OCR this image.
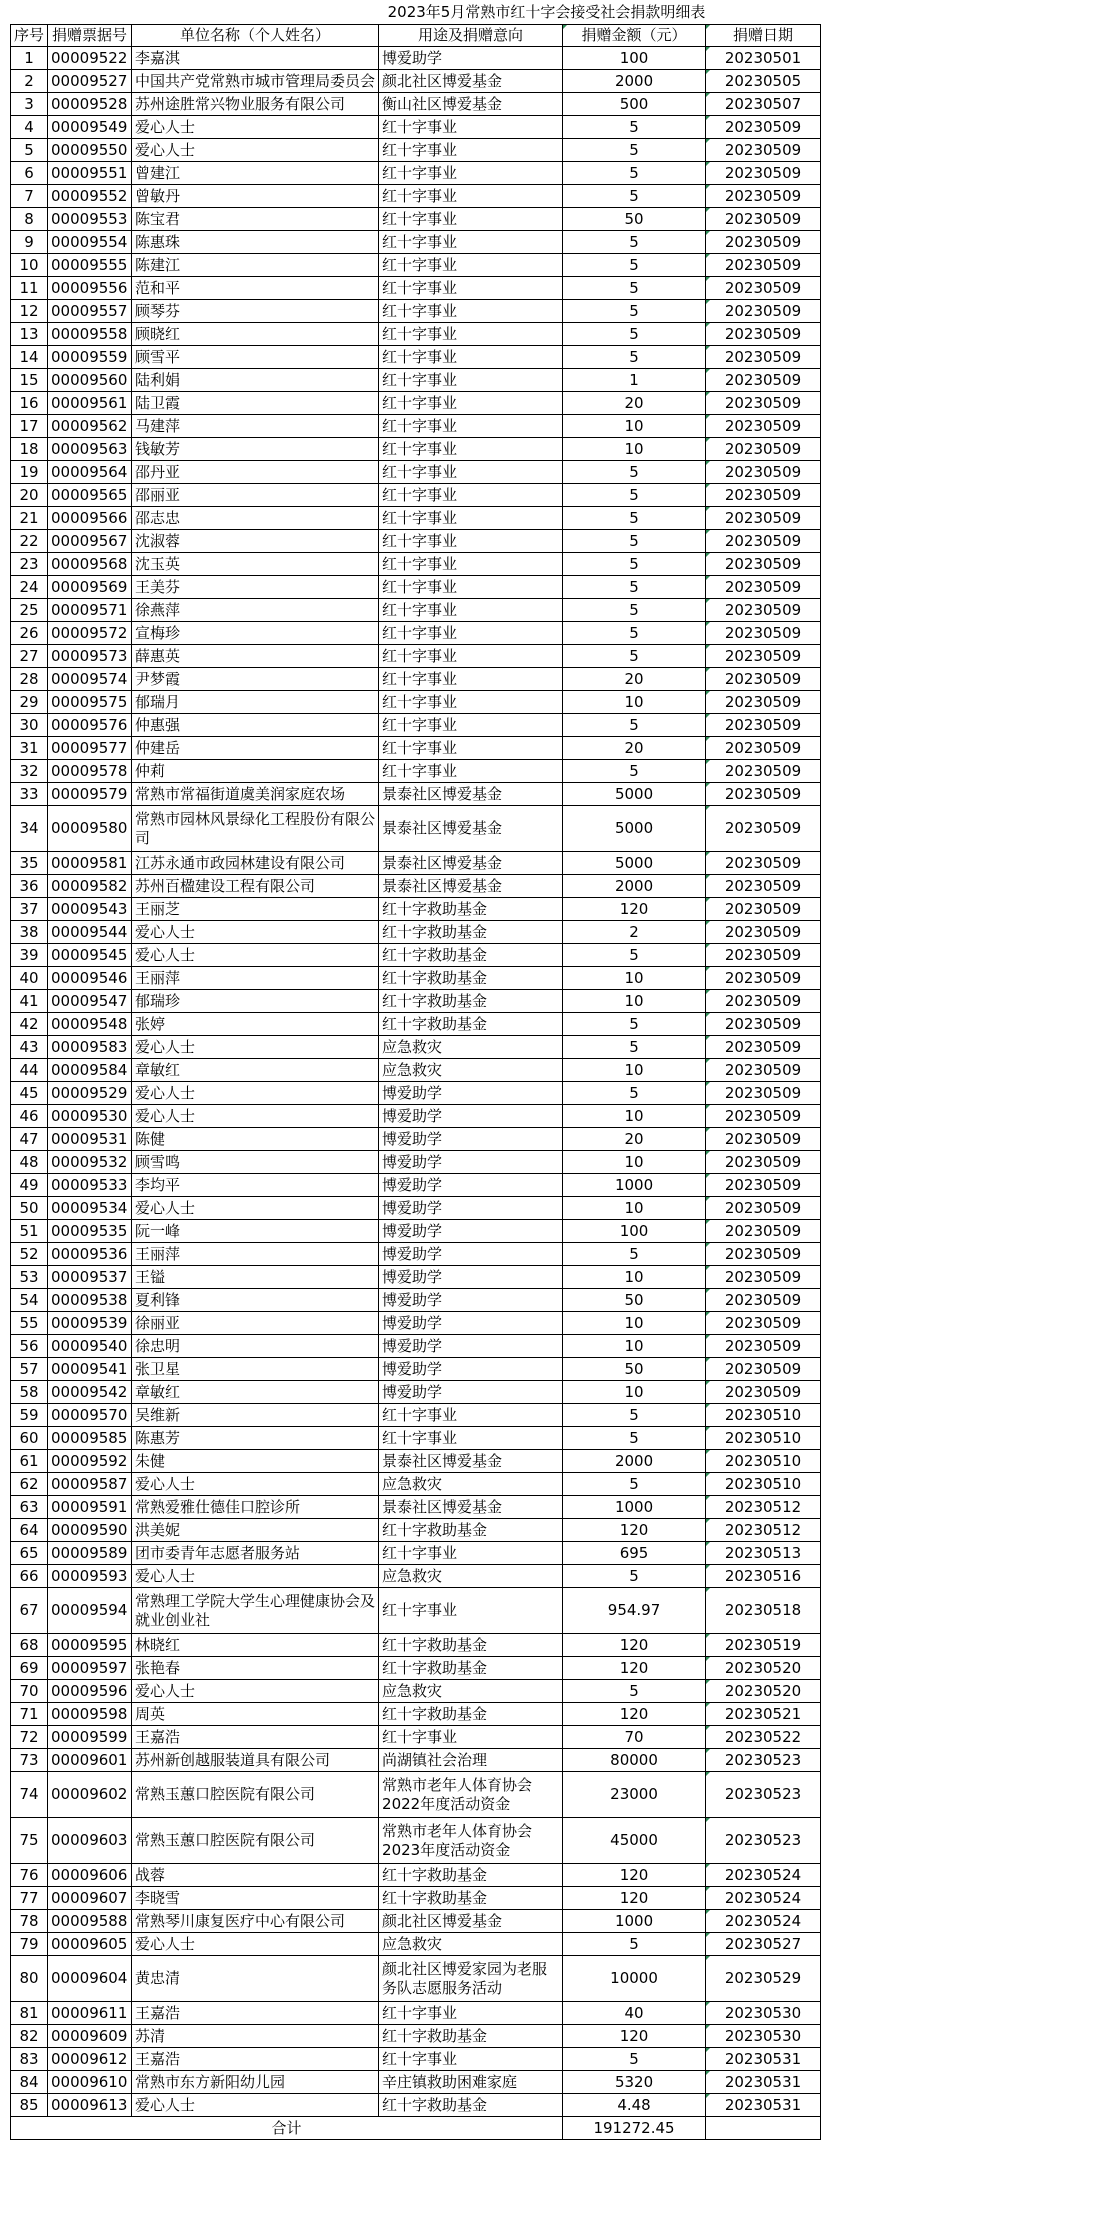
2023年5月常熟市红十字会接受社会捐款明细表
序号	捐赠票据号	单位名称（个人姓名）	用途及捐赠意向	捐赠金额（元）	捐赠日期
1	00009522	李嘉淇	博爱助学	100	20230501
2	00009527	中国共产党常熟市城市管理局委员会	颜北社区博爱基金	2000	20230505
3	00009528	苏州途胜常兴物业服务有限公司	衡山社区博爱基金	500	20230507
4	00009549	爱心人士	红十字事业	5	20230509
5	00009550	爱心人士	红十字事业	5	20230509
6	00009551	曾建江	红十字事业	5	20230509
7	00009552	曾敏丹	红十字事业	5	20230509
8	00009553	陈宝君	红十字事业	50	20230509
9	00009554	陈惠珠	红十字事业	5	20230509
10	00009555	陈建江	红十字事业	5	20230509
11	00009556	范和平	红十字事业	5	20230509
12	00009557	顾琴芬	红十字事业	5	20230509
13	00009558	顾晓红	红十字事业	5	20230509
14	00009559	顾雪平	红十字事业	5	20230509
15	00009560	陆利娟	红十字事业	1	20230509
16	00009561	陆卫霞	红十字事业	20	20230509
17	00009562	马建萍	红十字事业	10	20230509
18	00009563	钱敏芳	红十字事业	10	20230509
19	00009564	邵丹亚	红十字事业	5	20230509
20	00009565	邵丽亚	红十字事业	5	20230509
21	00009566	邵志忠	红十字事业	5	20230509
22	00009567	沈淑蓉	红十字事业	5	20230509
23	00009568	沈玉英	红十字事业	5	20230509
24	00009569	王美芬	红十字事业	5	20230509
25	00009571	徐燕萍	红十字事业	5	20230509
26	00009572	宣梅珍	红十字事业	5	20230509
27	00009573	薛惠英	红十字事业	5	20230509
28	00009574	尹梦霞	红十字事业	20	20230509
29	00009575	郁瑞月	红十字事业	10	20230509
30	00009576	仲惠强	红十字事业	5	20230509
31	00009577	仲建岳	红十字事业	20	20230509
32	00009578	仲莉	红十字事业	5	20230509
33	00009579	常熟市常福街道虞美润家庭农场	景泰社区博爱基金	5000	20230509
34	00009580	常熟市园林风景绿化工程股份有限公司	景泰社区博爱基金	5000	20230509
35	00009581	江苏永通市政园林建设有限公司	景泰社区博爱基金	5000	20230509
36	00009582	苏州百楹建设工程有限公司	景泰社区博爱基金	2000	20230509
37	00009543	王丽芝	红十字救助基金	120	20230509
38	00009544	爱心人士	红十字救助基金	2	20230509
39	00009545	爱心人士	红十字救助基金	5	20230509
40	00009546	王丽萍	红十字救助基金	10	20230509
41	00009547	郁瑞珍	红十字救助基金	10	20230509
42	00009548	张婷	红十字救助基金	5	20230509
43	00009583	爱心人士	应急救灾	5	20230509
44	00009584	章敏红	应急救灾	10	20230509
45	00009529	爱心人士	博爱助学	5	20230509
46	00009530	爱心人士	博爱助学	10	20230509
47	00009531	陈健	博爱助学	20	20230509
48	00009532	顾雪鸣	博爱助学	10	20230509
49	00009533	李均平	博爱助学	1000	20230509
50	00009534	爱心人士	博爱助学	10	20230509
51	00009535	阮一峰	博爱助学	100	20230509
52	00009536	王丽萍	博爱助学	5	20230509
53	00009537	王镒	博爱助学	10	20230509
54	00009538	夏利锋	博爱助学	50	20230509
55	00009539	徐丽亚	博爱助学	10	20230509
56	00009540	徐忠明	博爱助学	10	20230509
57	00009541	张卫星	博爱助学	50	20230509
58	00009542	章敏红	博爱助学	10	20230509
59	00009570	吴维新	红十字事业	5	20230510
60	00009585	陈惠芳	红十字事业	5	20230510
61	00009592	朱健	景泰社区博爱基金	2000	20230510
62	00009587	爱心人士	应急救灾	5	20230510
63	00009591	常熟爱雅仕德佳口腔诊所	景泰社区博爱基金	1000	20230512
64	00009590	洪美妮	红十字救助基金	120	20230512
65	00009589	团市委青年志愿者服务站	红十字事业	695	20230513
66	00009593	爱心人士	应急救灾	5	20230516
67	00009594	常熟理工学院大学生心理健康协会及就业创业社	红十字事业	954.97	20230518
68	00009595	林晓红	红十字救助基金	120	20230519
69	00009597	张艳春	红十字救助基金	120	20230520
70	00009596	爱心人士	应急救灾	5	20230520
71	00009598	周英	红十字救助基金	120	20230521
72	00009599	王嘉浩	红十字事业	70	20230522
73	00009601	苏州新创越服装道具有限公司	尚湖镇社会治理	80000	20230523
74	00009602	常熟玉蕙口腔医院有限公司	常熟市老年人体育协会2022年度活动资金	23000	20230523
75	00009603	常熟玉蕙口腔医院有限公司	常熟市老年人体育协会2023年度活动资金	45000	20230523
76	00009606	战蓉	红十字救助基金	120	20230524
77	00009607	李晓雪	红十字救助基金	120	20230524
78	00009588	常熟琴川康复医疗中心有限公司	颜北社区博爱基金	1000	20230524
79	00009605	爱心人士	应急救灾	5	20230527
80	00009604	黄忠清	颜北社区博爱家园为老服务队志愿服务活动	10000	20230529
81	00009611	王嘉浩	红十字事业	40	20230530
82	00009609	苏清	红十字救助基金	120	20230530
83	00009612	王嘉浩	红十字事业	5	20230531
84	00009610	常熟市东方新阳幼儿园	辛庄镇救助困难家庭	5320	20230531
85	00009613	爱心人士	红十字救助基金	4.48	20230531
合计				191272.45	
